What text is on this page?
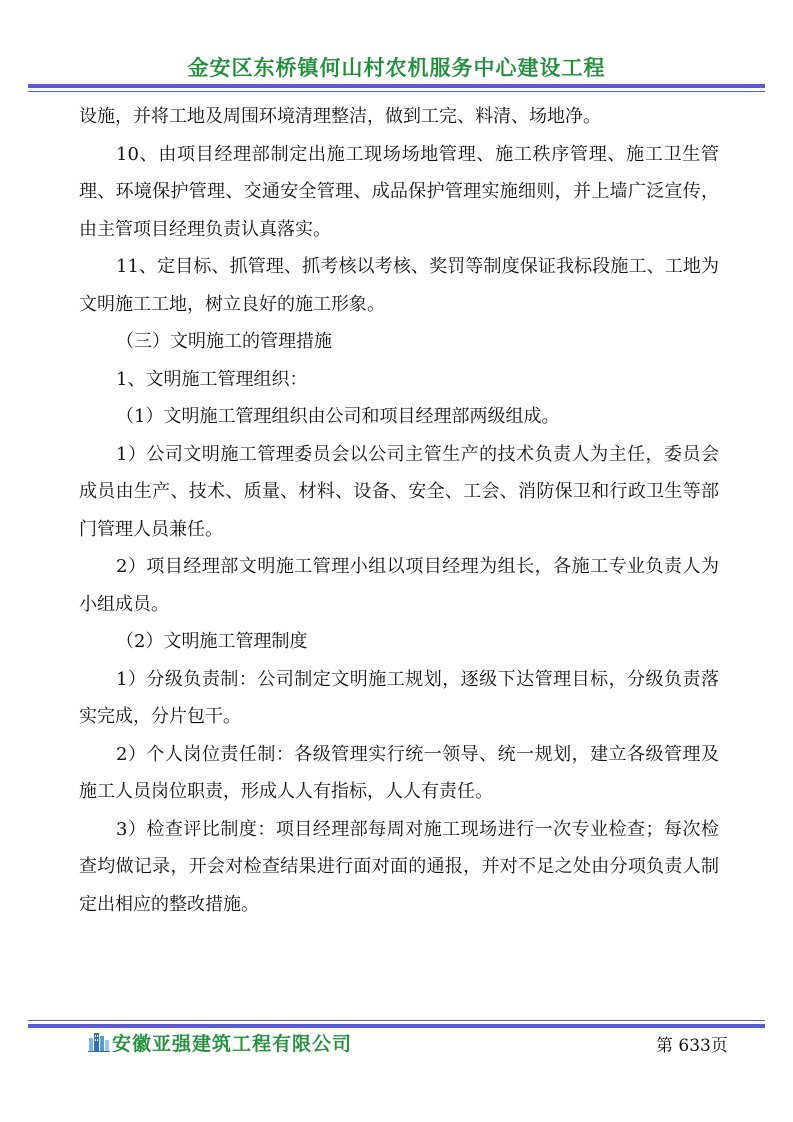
金安区东桥镇何山村农机服务中心建设工程

设施，并将工地及周围环境清理整洁，做到工完、料清、场地净。

10、由项目经理部制定出施工现场场地管理、施工秩序管理、施工卫生管理、环境保护管理、交通安全管理、成品保护管理实施细则，并上墙广泛宣传，由主管项目经理负责认真落实。

11、定目标、抓管理、抓考核以考核、奖罚等制度保证我标段施工、工地为文明施工工地，树立良好的施工形象。

（三）文明施工的管理措施

1、文明施工管理组织：

（1）文明施工管理组织由公司和项目经理部两级组成。

1）公司文明施工管理委员会以公司主管生产的技术负责人为主任，委员会成员由生产、技术、质量、材料、设备、安全、工会、消防保卫和行政卫生等部门管理人员兼任。

2）项目经理部文明施工管理小组以项目经理为组长，各施工专业负责人为小组成员。

（2）文明施工管理制度

1）分级负责制：公司制定文明施工规划，逐级下达管理目标，分级负责落实完成，分片包干。

2）个人岗位责任制：各级管理实行统一领导、统一规划，建立各级管理及施工人员岗位职责，形成人人有指标，人人有责任。

3）检查评比制度：项目经理部每周对施工现场进行一次专业检查；每次检查均做记录，开会对检查结果进行面对面的通报，并对不足之处由分项负责人制定出相应的整改措施。

安徽亚强建筑工程有限公司	第 633页
